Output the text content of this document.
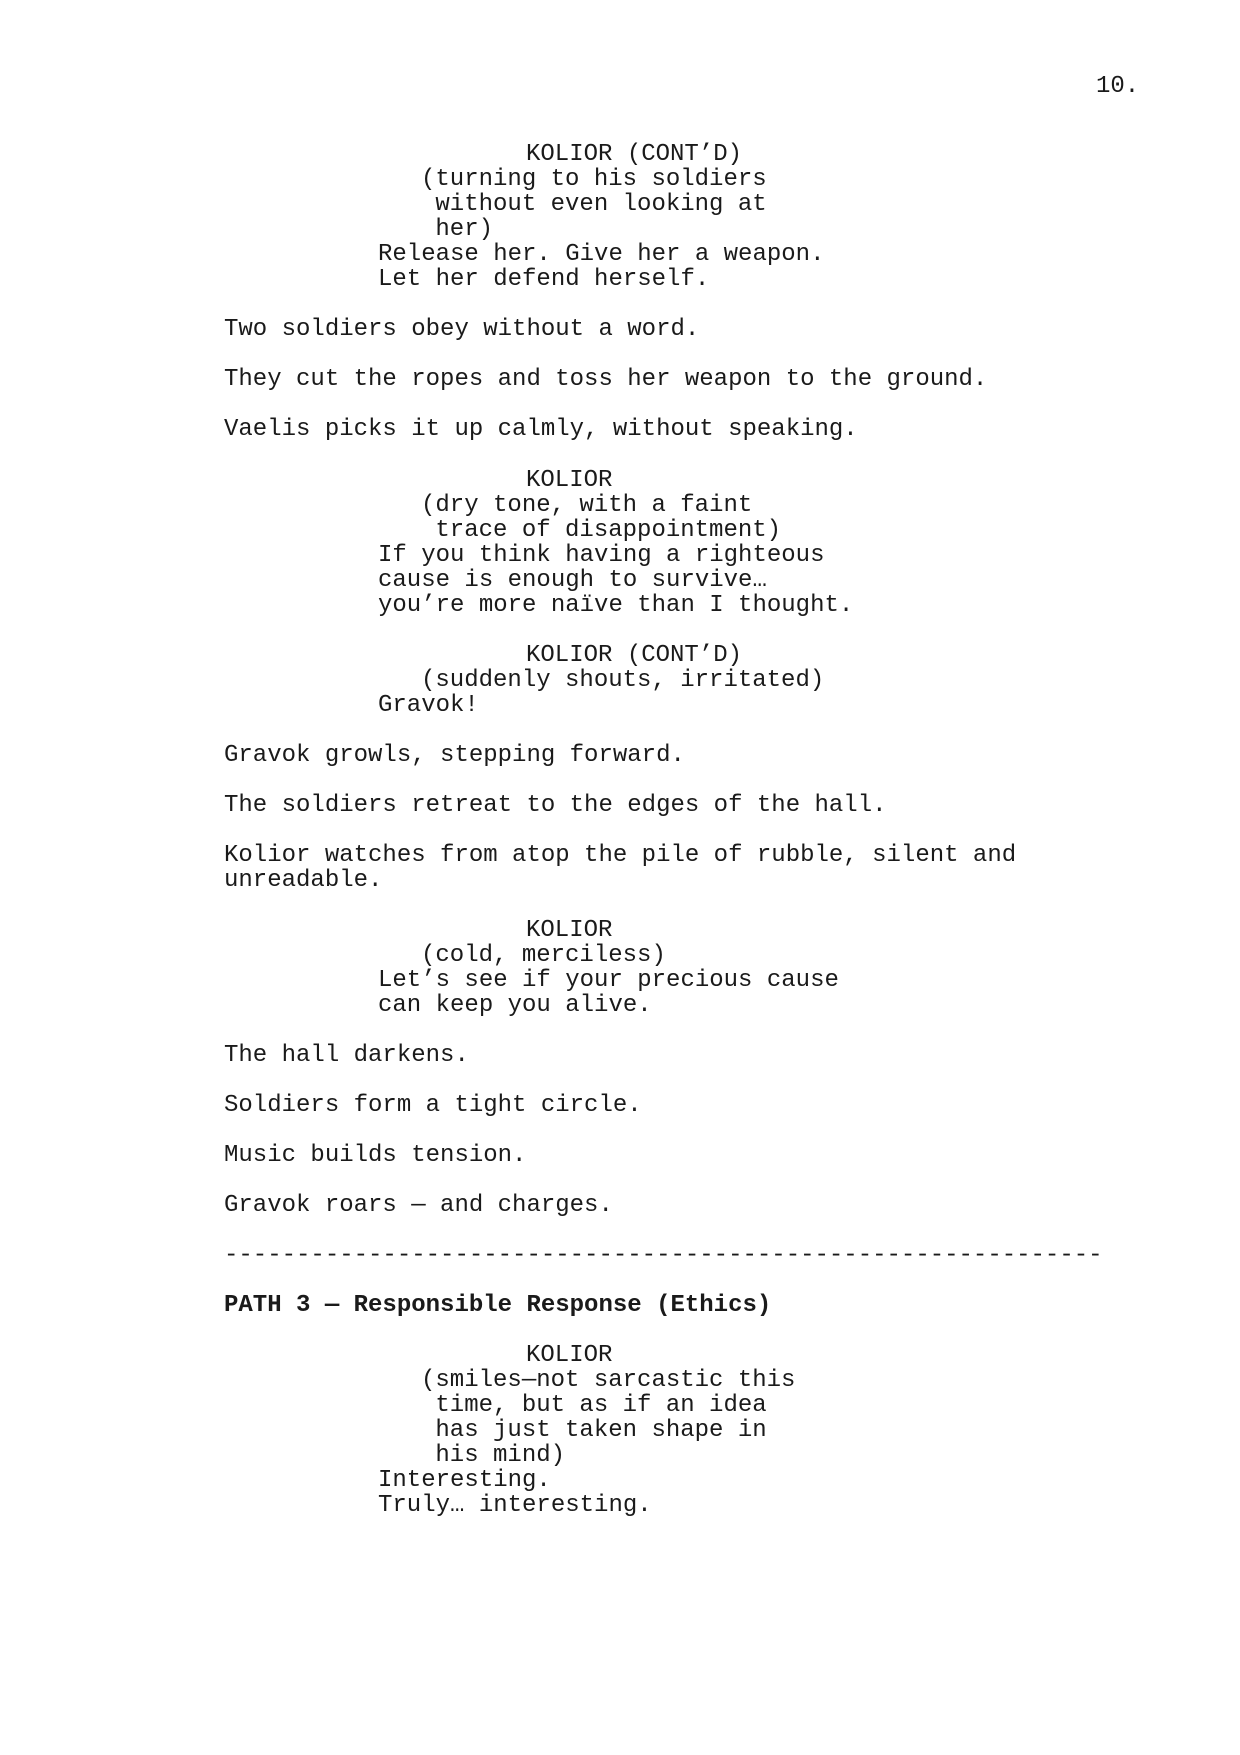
10.
KOLIOR (CONT’D)
(turning to his soldiers
without even looking at
her)
Release her. Give her a weapon.
Let her defend herself.
Two soldiers obey without a word.
They cut the ropes and toss her weapon to the ground.
Vaelis picks it up calmly, without speaking.
KOLIOR
(dry tone, with a faint
trace of disappointment)
If you think having a righteous
cause is enough to survive…
you’re more naïve than I thought.
KOLIOR (CONT’D)
(suddenly shouts, irritated)
Gravok!
Gravok growls, stepping forward.
The soldiers retreat to the edges of the hall.
Kolior watches from atop the pile of rubble, silent and
unreadable.
KOLIOR
(cold, merciless)
Let’s see if your precious cause
can keep you alive.
The hall darkens.
Soldiers form a tight circle.
Music builds tension.
Gravok roars — and charges.
-------------------------------------------------------------
PATH 3 — Responsible Response (Ethics)
KOLIOR
(smiles—not sarcastic this
time, but as if an idea
has just taken shape in
his mind)
Interesting.
Truly… interesting.
